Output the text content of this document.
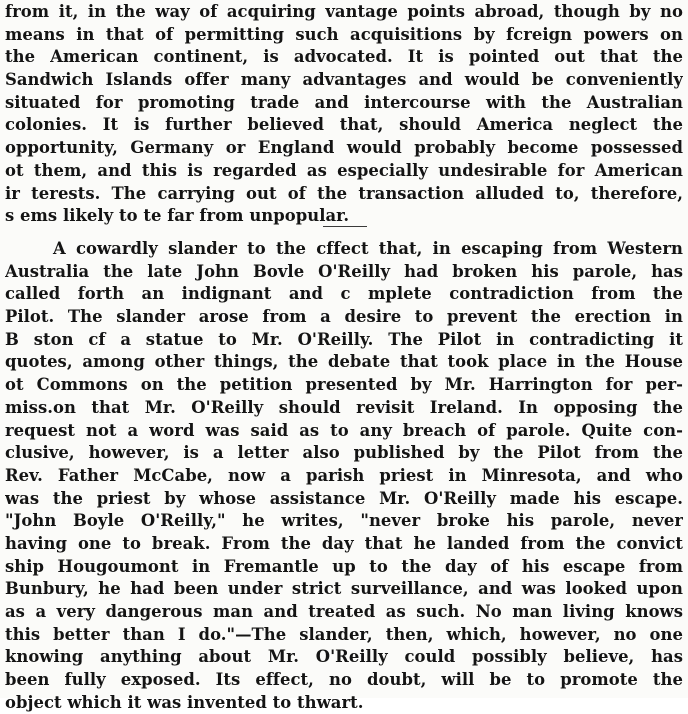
from it, in the way of acquiring vantage points abroad, though by no
means in that of permitting such acquisitions by fcreign powers on
the American continent, is advocated. It is pointed out that the
Sandwich Islands offer many advantages and would be conveniently
situated for promoting trade and intercourse with the Australian
colonies. It is further believed that, should America neglect the
opportunity, Germany or England would probably become possessed
ot them, and this is regarded as especially undesirable for American
ir terests. The carrying out of the transaction alluded to, therefore,
s ems likely to te far from unpopular.
A cowardly slander to the cffect that, in escaping from Western
Australia the late John Bovle O'Reilly had broken his parole, has
called forth an indignant and c mplete contradiction from the
Pilot. The slander arose from a desire to prevent the erection in
B ston cf a statue to Mr. O'Reilly. The Pilot in contradicting it
quotes, among other things, the debate that took place in the House
ot Commons on the petition presented by Mr. Harrington for per-
miss.on that Mr. O'Reilly should revisit Ireland. In opposing the
request not a word was said as to any breach of parole. Quite con-
clusive, however, is a letter also published by the Pilot from the
Rev. Father McCabe, now a parish priest in Minresota, and who
was the priest by whose assistance Mr. O'Reilly made his escape.
"John Boyle O'Reilly," he writes, "never broke his parole, never
having one to break. From the day that he landed from the convict
ship Hougoumont in Fremantle up to the day of his escape from
Bunbury, he had been under strict surveillance, and was looked upon
as a very dangerous man and treated as such. No man living knows
this better than I do."—The slander, then, which, however, no one
knowing anything about Mr. O'Reilly could possibly believe, has
been fully exposed. Its effect, no doubt, will be to promote the
object which it was invented to thwart.
